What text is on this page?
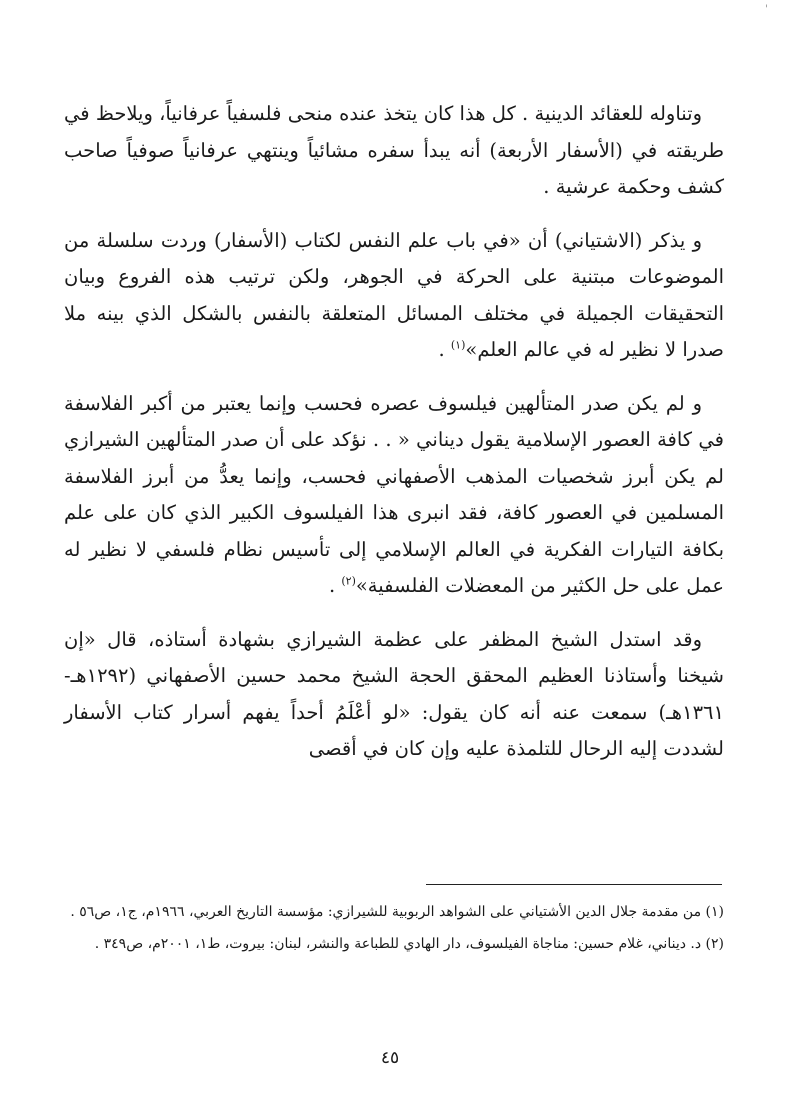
'

وتناوله للعقائد الدينية . كل هذا كان يتخذ عنده منحى فلسفياً عرفانياً، ويلاحظ في طريقته في (الأسفار الأربعة) أنه يبدأ سفره مشائياً وينتهي عرفانياً صوفياً صاحب كشف وحكمة عرشية .

و يذكر (الاشتياني) أن «في باب علم النفس لكتاب (الأسفار) وردت سلسلة من الموضوعات مبتنية على الحركة في الجوهر، ولكن ترتيب هذه الفروع وبيان التحقيقات الجميلة في مختلف المسائل المتعلقة بالنفس بالشكل الذي بينه ملا صدرا لا نظير له في عالم العلم»$^{(١)}$ .

و لم يكن صدر المتألهين فيلسوف عصره فحسب وإنما يعتبر من أكبر الفلاسفة في كافة العصور الإسلامية يقول ديناني « . . نؤكد على أن صدر المتألهين الشيرازي لم يكن أبرز شخصيات المذهب الأصفهاني فحسب، وإنما يعدُّ من أبرز الفلاسفة المسلمين في العصور كافة، فقد انبرى هذا الفيلسوف الكبير الذي كان على علم بكافة التيارات الفكرية في العالم الإسلامي إلى تأسيس نظام فلسفي لا نظير له عمل على حل الكثير من المعضلات الفلسفية»$^{(٢)}$ .

وقد استدل الشيخ المظفر على عظمة الشيرازي بشهادة أستاذه، قال «إن شيخنا وأستاذنا العظيم المحقق الحجة الشيخ محمد حسين الأصفهاني (١٢٩٢هـ- ١٣٦١هـ) سمعت عنه أنه كان يقول: «لو أعْلَمُ أحداً يفهم أسرار كتاب الأسفار لشددت إليه الرحال للتلمذة عليه وإن كان في أقصى

(١) من مقدمة جلال الدين الأشتياني على الشواهد الربوبية للشيرازي: مؤسسة التاريخ العربي، ١٩٦٦م، ج١، ص٥٦ .

(٢) د. ديناني، غلام حسين: مناجاة الفيلسوف، دار الهادي للطباعة والنشر، لبنان: بيروت، ط١، ٢٠٠١م، ص٣٤٩ .

٤٥
